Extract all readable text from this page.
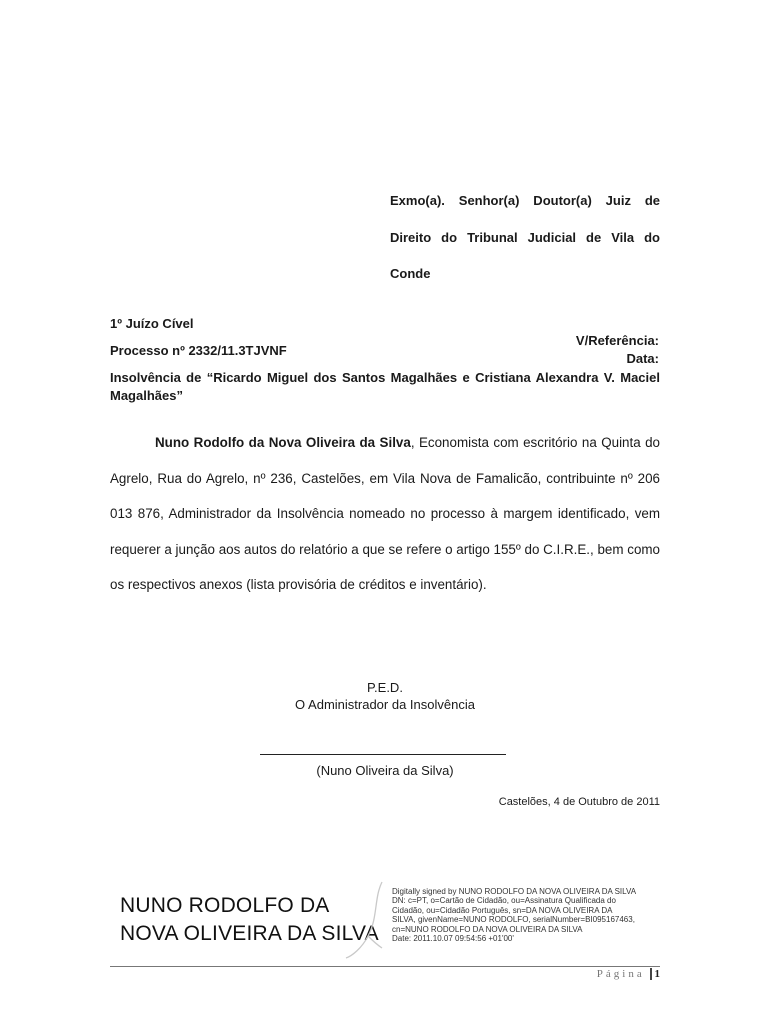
Exmo(a). Senhor(a) Doutor(a) Juiz de
Direito do Tribunal Judicial de Vila do
Conde
1º Juízo Cível
V/Referência:
Processo nº 2332/11.3TJVNF
Data:
Insolvência de “Ricardo Miguel dos Santos Magalhães e Cristiana Alexandra V. Maciel Magalhães”
Nuno Rodolfo da Nova Oliveira da Silva, Economista com escritório na Quinta do Agrelo, Rua do Agrelo, nº 236, Castelões, em Vila Nova de Famalicão, contribuinte nº 206 013 876, Administrador da Insolvência nomeado no processo à margem identificado, vem requerer a junção aos autos do relatório a que se refere o artigo 155º do C.I.R.E., bem como os respectivos anexos (lista provisória de créditos e inventário).
P.E.D.
O Administrador da Insolvência
(Nuno Oliveira da Silva)
Castelões, 4 de Outubro de 2011
NUNO RODOLFO DA
NOVA OLIVEIRA DA SILVA
Digitally signed by NUNO RODOLFO DA NOVA OLIVEIRA DA SILVA
DN: c=PT, o=Cartão de Cidadão, ou=Assinatura Qualificada do
Cidadão, ou=Cidadão Português, sn=DA NOVA OLIVEIRA DA
SILVA, givenName=NUNO RODOLFO, serialNumber=BI095167463,
cn=NUNO RODOLFO DA NOVA OLIVEIRA DA SILVA
Date: 2011.10.07 09:54:56 +01'00'
Página 1
